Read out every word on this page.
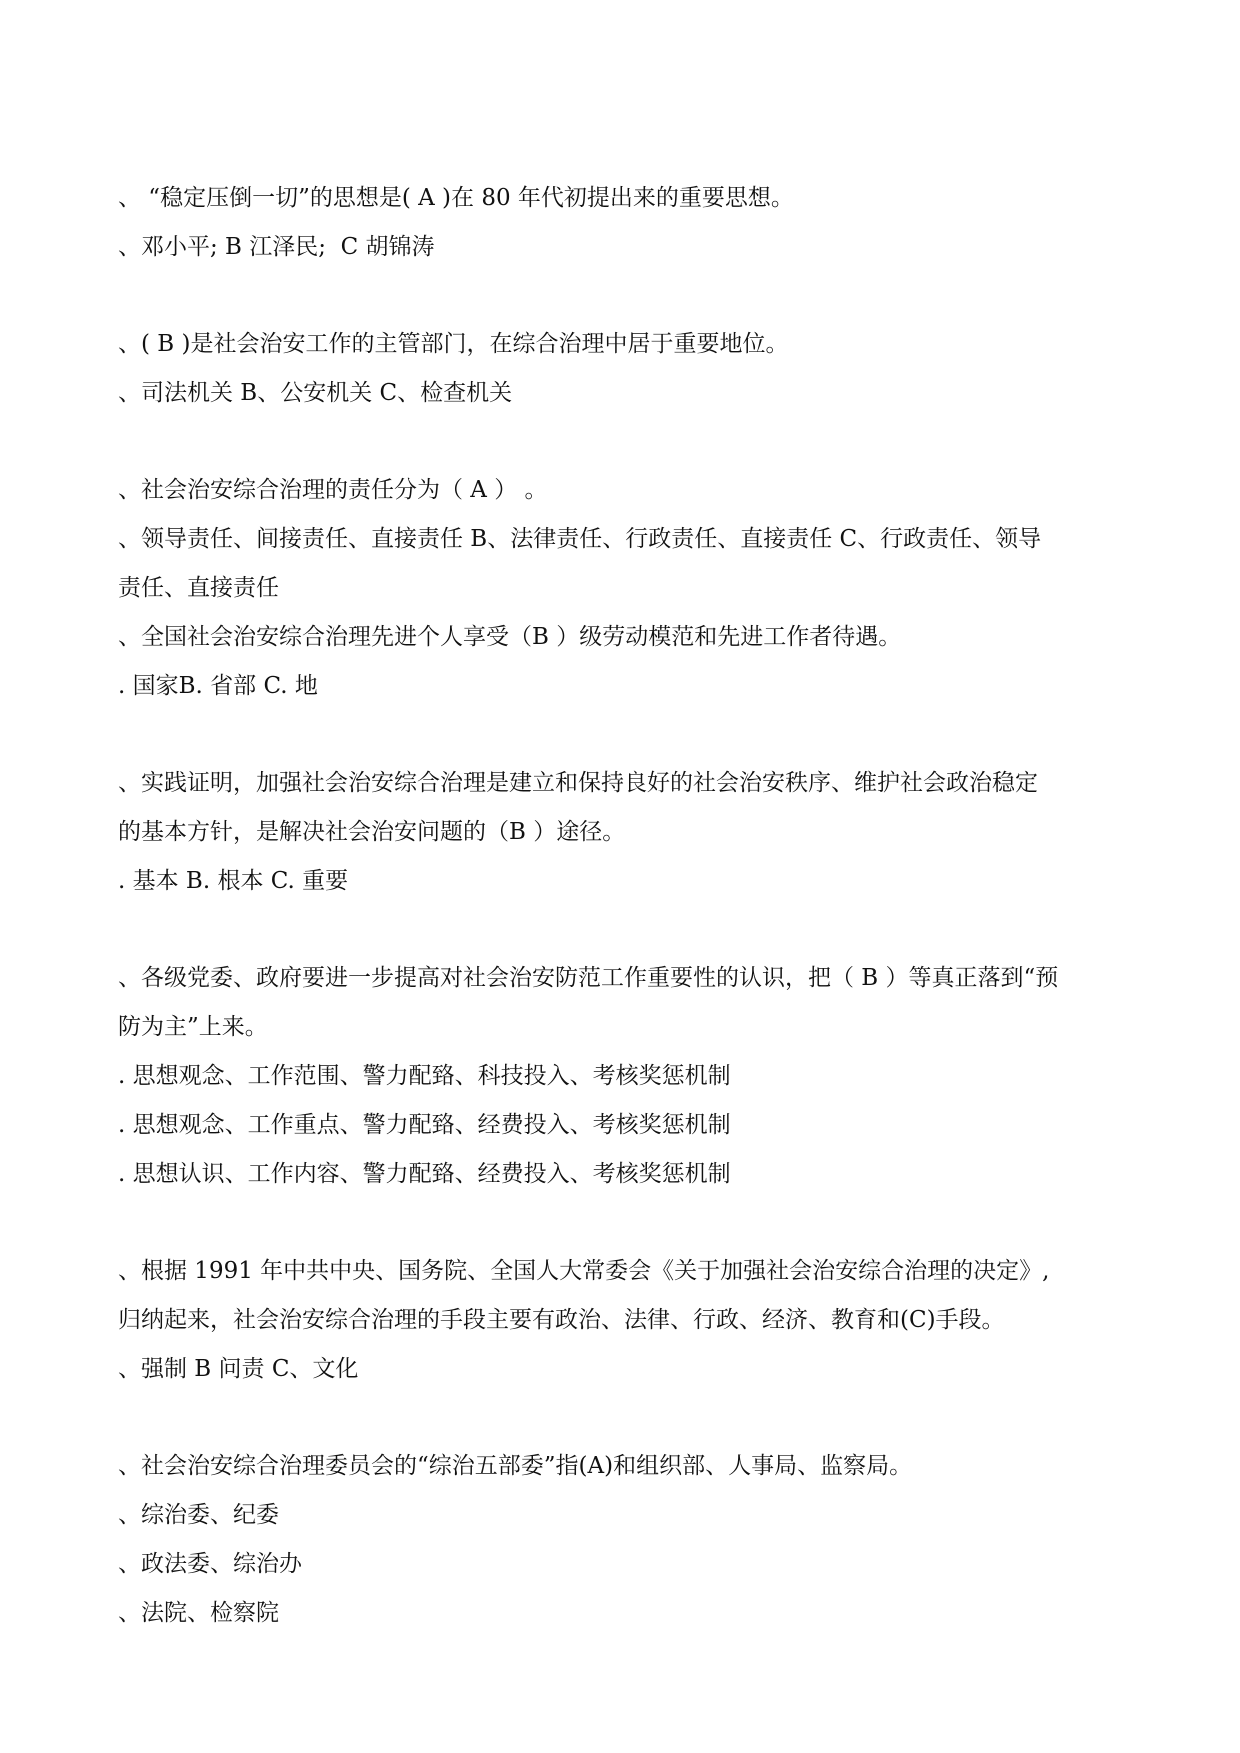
、 “稳定压倒一切”的思想是( A )在 80 年代初提出来的重要思想。
、邓小平; B 江泽民;  C 胡锦涛
、( B )是社会治安工作的主管部门，在综合治理中居于重要地位。
、司法机关 B、公安机关 C、检查机关
、社会治安综合治理的责任分为（ A ） 。
、领导责任、间接责任、直接责任 B、法律责任、行政责任、直接责任 C、行政责任、领导
责任、直接责任
、全国社会治安综合治理先进个人享受（B ）级劳动模范和先进工作者待遇。
. 国家B. 省部 C. 地
、实践证明，加强社会治安综合治理是建立和保持良好的社会治安秩序、维护社会政治稳定
的基本方针，是解决社会治安问题的（B ）途径。
. 基本 B. 根本 C. 重要
、各级党委、政府要进一步提高对社会治安防范工作重要性的认识，把（ B ）等真正落到“预
防为主”上来。
. 思想观念、工作范围、警力配臵、科技投入、考核奖惩机制
. 思想观念、工作重点、警力配臵、经费投入、考核奖惩机制
. 思想认识、工作内容、警力配臵、经费投入、考核奖惩机制
、根据 1991 年中共中央、国务院、全国人大常委会《关于加强社会治安综合治理的决定》,
归纳起来，社会治安综合治理的手段主要有政治、法律、行政、经济、教育和(C)手段。
、强制 B 问责 C、文化
、社会治安综合治理委员会的“综治五部委”指(A)和组织部、人事局、监察局。
、综治委、纪委
、政法委、综治办
、法院、检察院
